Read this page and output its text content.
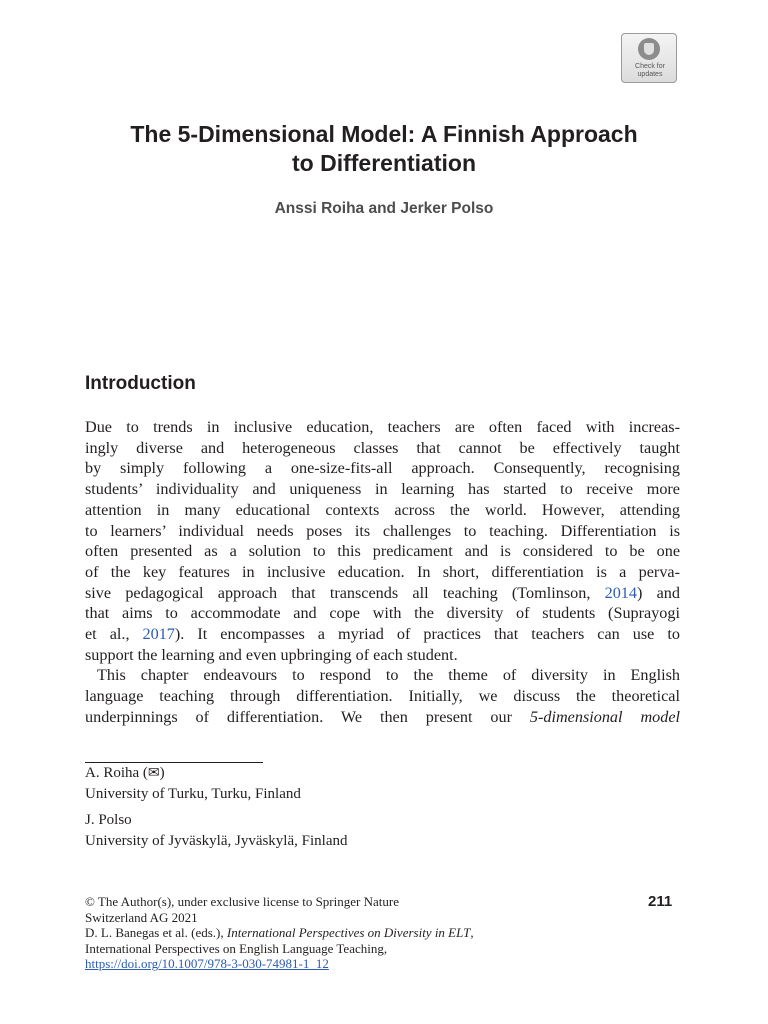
Check for
updates
The 5-Dimensional Model: A Finnish Approach
to Differentiation
Anssi Roiha and Jerker Polso
Introduction
Due to trends in inclusive education, teachers are often faced with increas-
ingly diverse and heterogeneous classes that cannot be effectively taught
by simply following a one-size-fits-all approach. Consequently, recognising
students’ individuality and uniqueness in learning has started to receive more
attention in many educational contexts across the world. However, attending
to learners’ individual needs poses its challenges to teaching. Differentiation is
often presented as a solution to this predicament and is considered to be one
of the key features in inclusive education. In short, differentiation is a perva-
sive pedagogical approach that transcends all teaching (Tomlinson, 2014) and
that aims to accommodate and cope with the diversity of students (Suprayogi
et al., 2017). It encompasses a myriad of practices that teachers can use to
support the learning and even upbringing of each student.
This chapter endeavours to respond to the theme of diversity in English
language teaching through differentiation. Initially, we discuss the theoretical
underpinnings of differentiation. We then present our 5-dimensional model
A. Roiha (✉)
University of Turku, Turku, Finland
J. Polso
University of Jyväskylä, Jyväskylä, Finland
© The Author(s), under exclusive license to Springer Nature
Switzerland AG 2021
D. L. Banegas et al. (eds.), International Perspectives on Diversity in ELT,
International Perspectives on English Language Teaching,
https://doi.org/10.1007/978-3-030-74981-1_12
211
